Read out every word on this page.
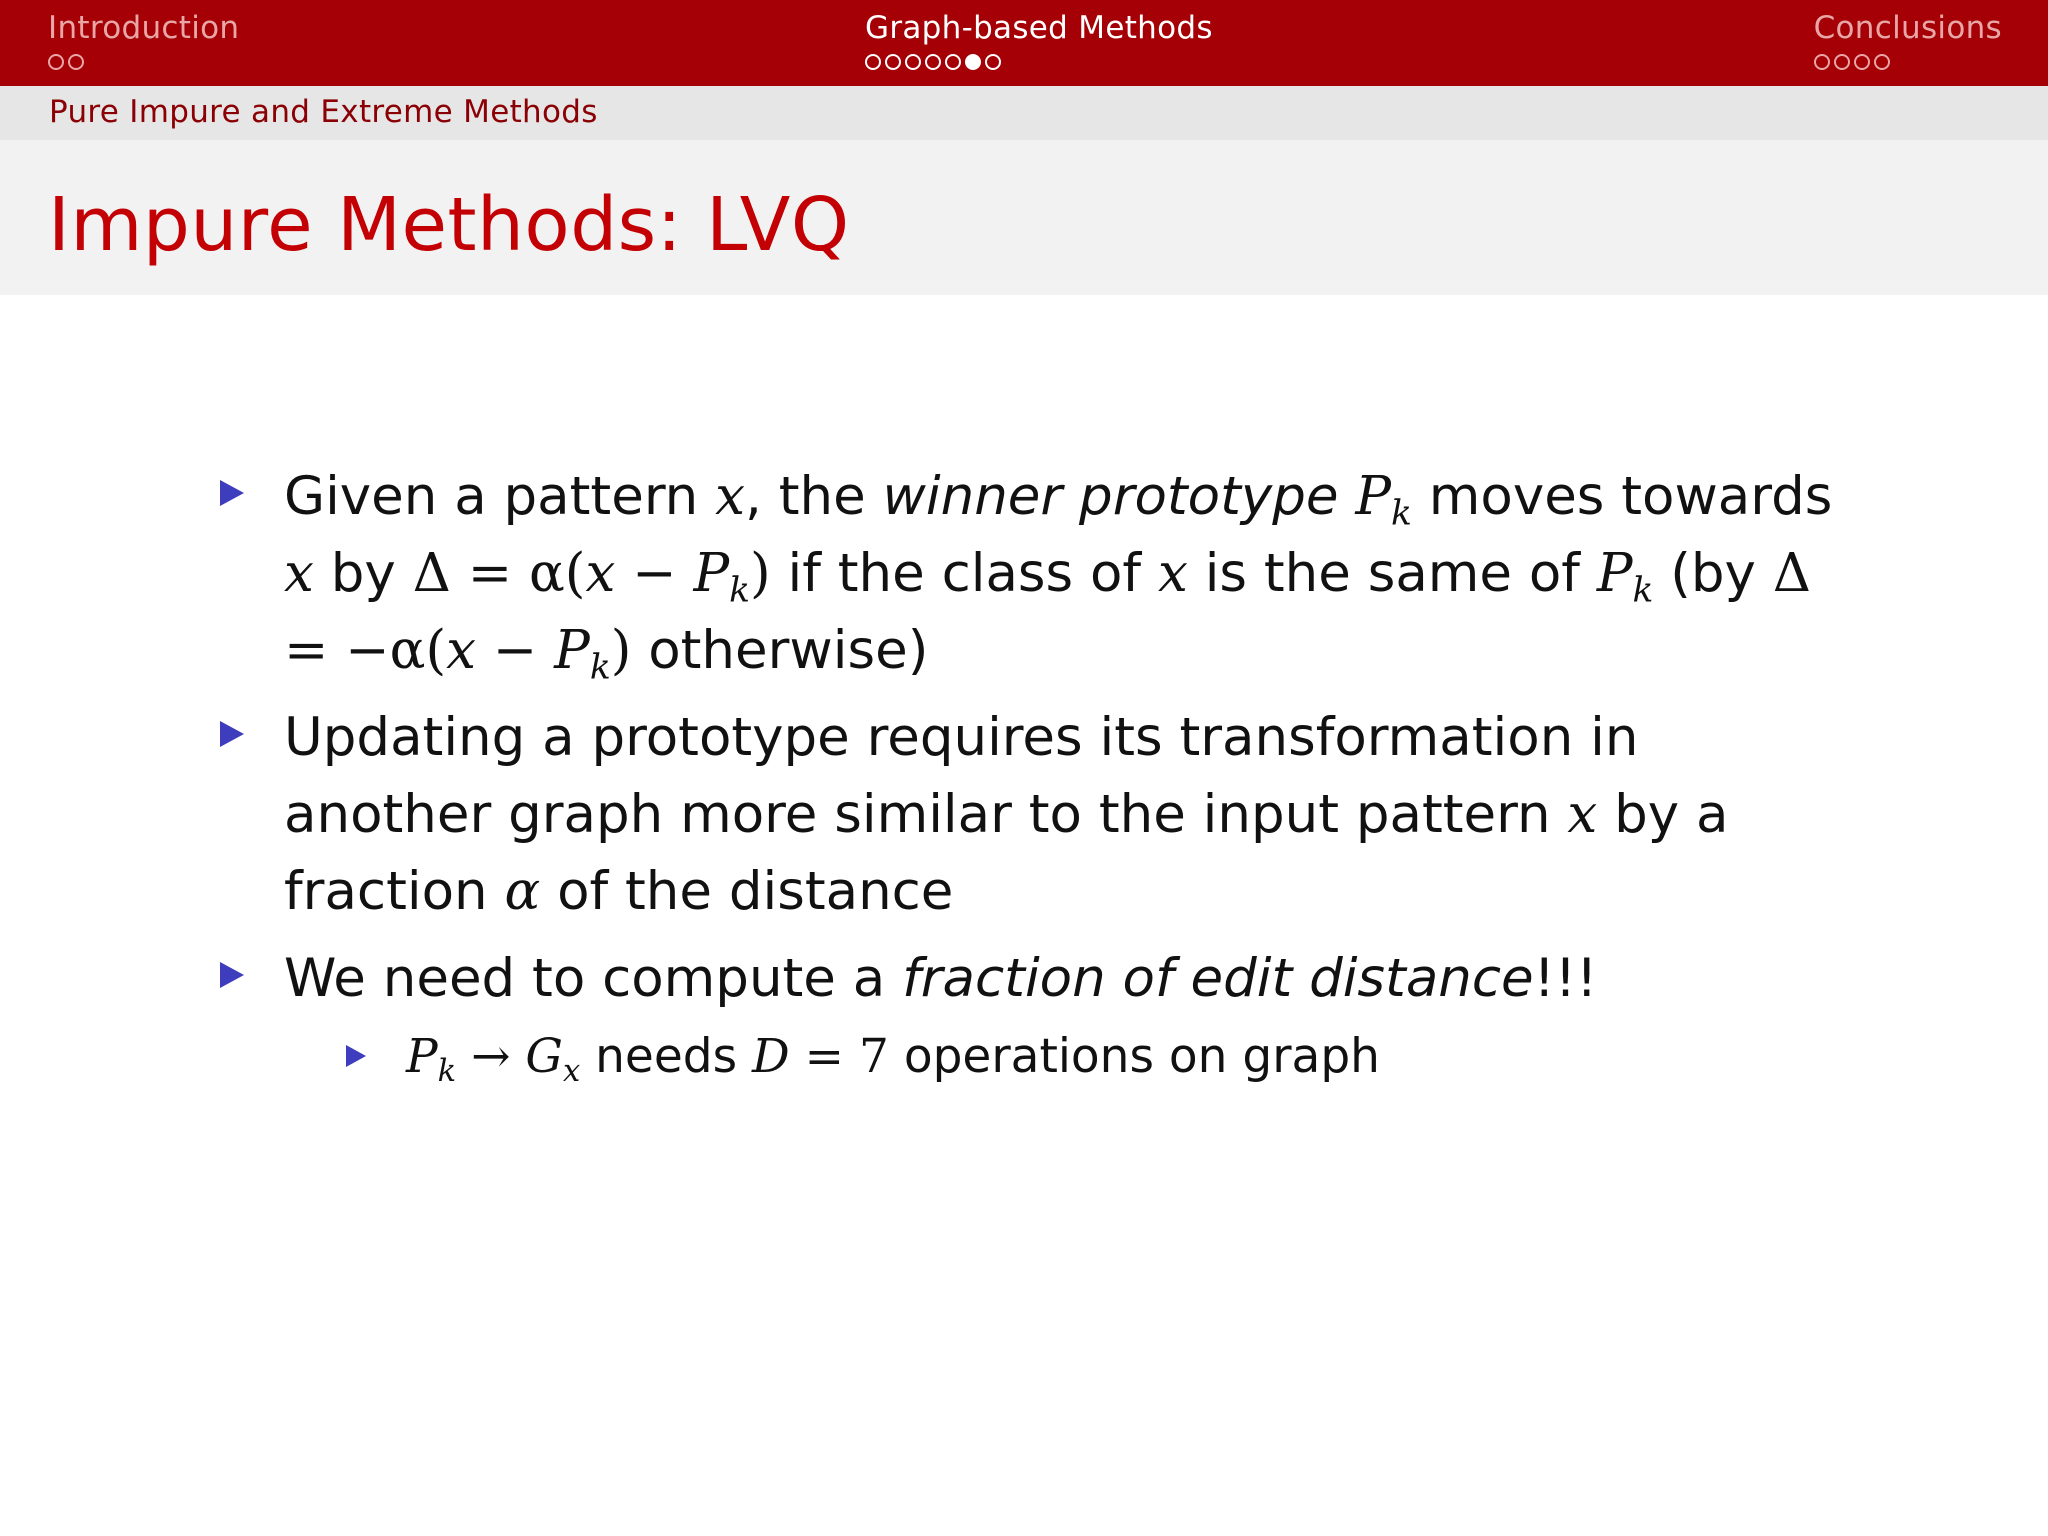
Introduction	Graph-based Methods	Conclusions
Pure Impure and Extreme Methods
Impure Methods: LVQ
Given a pattern x, the winner prototype $P_k$ moves towards x by $\Delta = \alpha(x - P_k)$ if the class of x is the same of $P_k$ (by $\Delta = -\alpha(x - P_k)$ otherwise)
Updating a prototype requires its transformation in another graph more similar to the input pattern x by a fraction α of the distance
We need to compute a fraction of edit distance!!!
$P_k \to G_x$ needs D = 7 operations on graph
